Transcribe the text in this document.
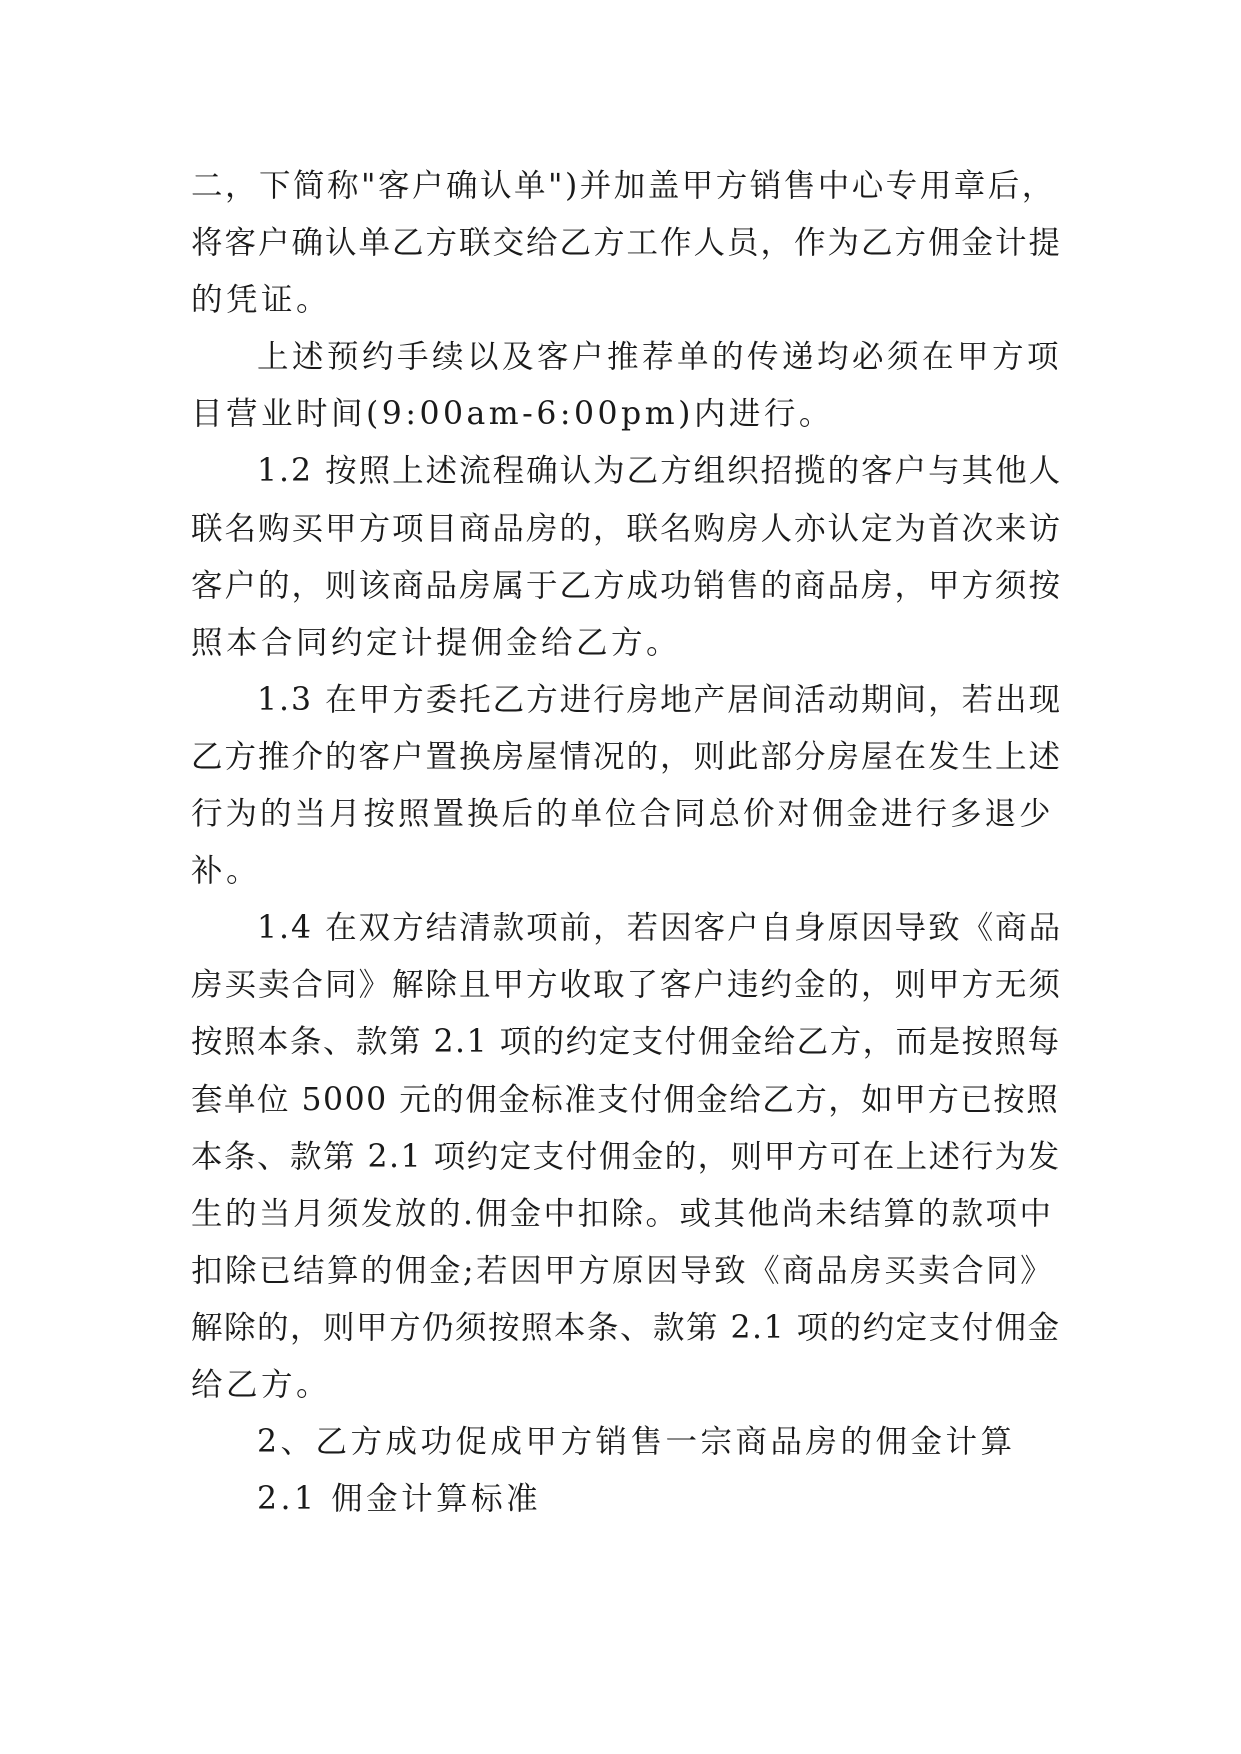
二，下简称"客户确认单")并加盖甲方销售中心专用章后，
将客户确认单乙方联交给乙方工作人员，作为乙方佣金计提
的凭证。
上述预约手续以及客户推荐单的传递均必须在甲方项
目营业时间(9:00am-6:00pm)内进行。
1.2 按照上述流程确认为乙方组织招揽的客户与其他人
联名购买甲方项目商品房的，联名购房人亦认定为首次来访
客户的，则该商品房属于乙方成功销售的商品房，甲方须按
照本合同约定计提佣金给乙方。
1.3 在甲方委托乙方进行房地产居间活动期间，若出现
乙方推介的客户置换房屋情况的，则此部分房屋在发生上述
行为的当月按照置换后的单位合同总价对佣金进行多退少
补。
1.4 在双方结清款项前，若因客户自身原因导致《商品
房买卖合同》解除且甲方收取了客户违约金的，则甲方无须
按照本条、款第 2.1 项的约定支付佣金给乙方，而是按照每
套单位 5000 元的佣金标准支付佣金给乙方，如甲方已按照
本条、款第 2.1 项约定支付佣金的，则甲方可在上述行为发
生的当月须发放的.佣金中扣除。或其他尚未结算的款项中
扣除已结算的佣金;若因甲方原因导致《商品房买卖合同》
解除的，则甲方仍须按照本条、款第 2.1 项的约定支付佣金
给乙方。
2、乙方成功促成甲方销售一宗商品房的佣金计算
2.1 佣金计算标准
